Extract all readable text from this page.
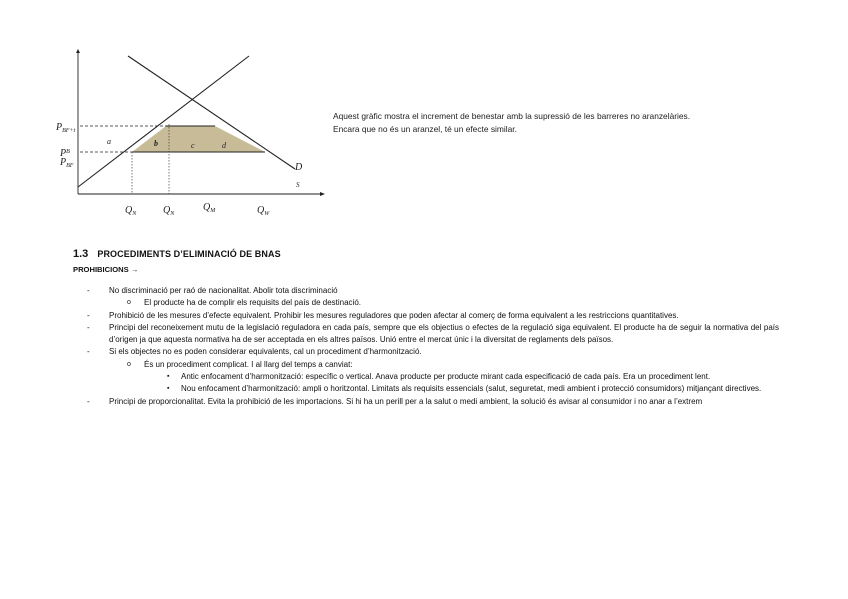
$P_{BF+t}$
$P^B$
$P_{BF}$
a	b	c	d
D
S
$Q_N$	$Q_N$
$Q_M$	$Q_W$
Aquest gràfic mostra el increment de benestar amb la supressió de les barreres no aranzelàries.
Encara que no és un aranzel, té un efecte similar.
1.3 PROCEDIMENTS D’ELIMINACIÓ DE BNAS
PROHIBICIONS →
- No discriminació per raó de nacionalitat. Abolir tota discriminació
o El producte ha de complir els requisits del país de destinació.
- Prohibició de les mesures d’efecte equivalent. Prohibir les mesures reguladores que poden afectar al comerç de forma equivalent a les restriccions quantitatives.
- Principi del reconeixement mutu de la legislació reguladora en cada país, sempre que els objectius o efectes de la regulació siga equivalent. El producte ha de seguir la normativa del país d’origen ja que aquesta normativa ha de ser acceptada en els altres països. Unió entre el mercat únic i la diversitat de reglaments dels països.
- Si els objectes no es poden considerar equivalents, cal un procediment d’harmonització.
o És un procediment complicat. I al llarg del temps a canviat:
▪ Antic enfocament d’harmonització: específic o vertical. Anava producte per producte mirant cada especificació de cada país. Era un procediment lent.
▪ Nou enfocament d’harmonització: ampli o horitzontal. Limitats als requisits essencials (salut, seguretat, medi ambient i protecció consumidors) mitjançant directives.
- Principi de proporcionalitat. Evita la prohibició de les importacions. Si hi ha un perill per a la salut o medi ambient, la solució és avisar al consumidor i no anar a l’extrem
